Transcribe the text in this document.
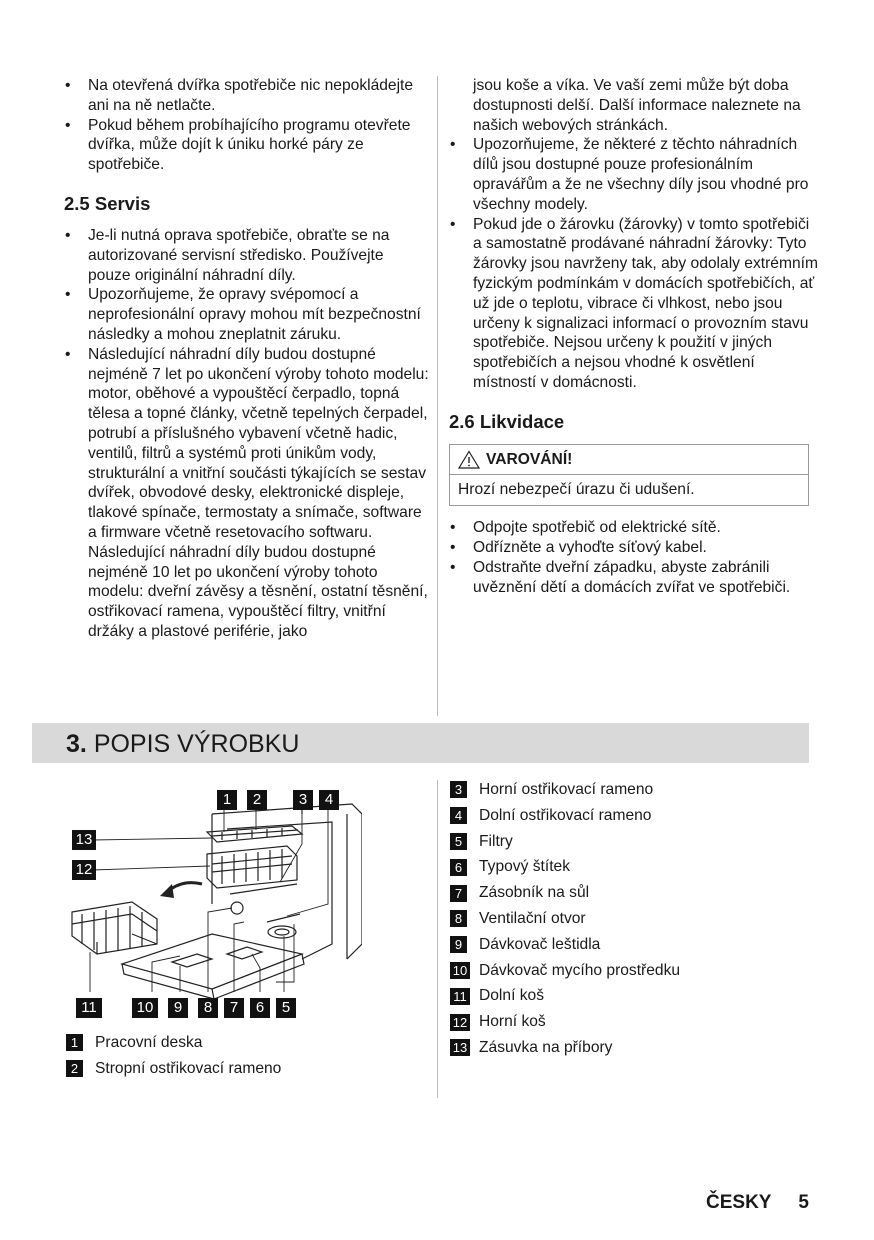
• Na otevřená dvířka spotřebiče nic nepokládejte ani na ně netlačte.
• Pokud během probíhajícího programu otevřete dvířka, může dojít k úniku horké páry ze spotřebiče.
2.5 Servis
• Je-li nutná oprava spotřebiče, obraťte se na autorizované servisní středisko. Používejte pouze originální náhradní díly.
• Upozorňujeme, že opravy svépomocí a neprofesionální opravy mohou mít bezpečnostní následky a mohou zneplatnit záruku.
• Následující náhradní díly budou dostupné nejméně 7 let po ukončení výroby tohoto modelu: motor, oběhové a vypouštěcí čerpadlo, topná tělesa a topné články, včetně tepelných čerpadel, potrubí a příslušného vybavení včetně hadic, ventilů, filtrů a systémů proti únikům vody, strukturální a vnitřní součásti týkajících se sestav dvířek, obvodové desky, elektronické displeje, tlakové spínače, termostaty a snímače, software a firmware včetně resetovacího softwaru. Následující náhradní díly budou dostupné nejméně 10 let po ukončení výroby tohoto modelu: dveřní závěsy a těsnění, ostatní těsnění, ostřikovací ramena, vypouštěcí filtry, vnitřní držáky a plastové periférie, jako
jsou koše a víka. Ve vaší zemi může být doba dostupnosti delší. Další informace naleznete na našich webových stránkách.
• Upozorňujeme, že některé z těchto náhradních dílů jsou dostupné pouze profesionálním opravářům a že ne všechny díly jsou vhodné pro všechny modely.
• Pokud jde o žárovku (žárovky) v tomto spotřebiči a samostatně prodávané náhradní žárovky: Tyto žárovky jsou navrženy tak, aby odolaly extrémním fyzickým podmínkám v domácích spotřebičích, ať už jde o teplotu, vibrace či vlhkost, nebo jsou určeny k signalizaci informací o provozním stavu spotřebiče. Nejsou určeny k použití v jiných spotřebičích a nejsou vhodné k osvětlení místností v domácnosti.
2.6 Likvidace
VAROVÁNÍ!
Hrozí nebezpečí úrazu či udušení.
• Odpojte spotřebič od elektrické sítě.
• Odřízněte a vyhoďte síťový kabel.
• Odstraňte dveřní západku, abyste zabránili uvěznění dětí a domácích zvířat ve spotřebiči.
3. POPIS VÝROBKU
1	2	3	4
13
12
11	10	9	8	7	6	5
1	Pracovní deska
2	Stropní ostřikovací rameno
3	Horní ostřikovací rameno
4	Dolní ostřikovací rameno
5	Filtry
6	Typový štítek
7	Zásobník na sůl
8	Ventilační otvor
9	Dávkovač leštidla
10 Dávkovač mycího prostředku
11 Dolní koš
12 Horní koš
13 Zásuvka na příbory
ČESKY 5
